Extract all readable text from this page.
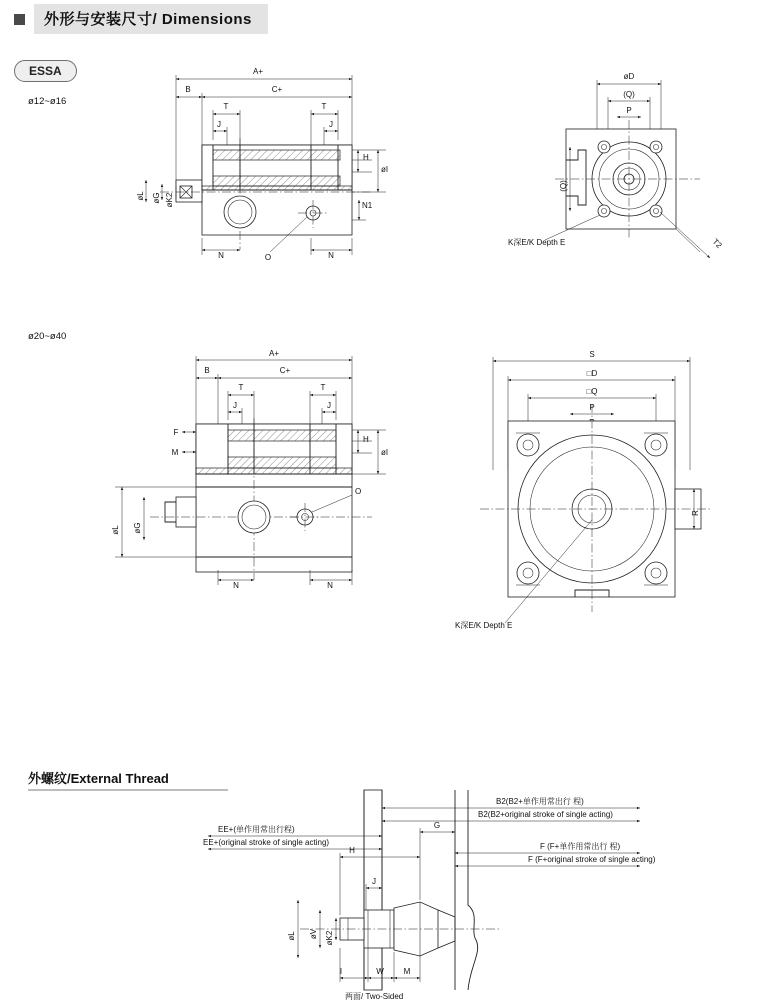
外形与安装尺寸/ Dimensions
ESSA
ø12~ø16
ø20~ø40
外螺纹/External Thread
A+
B	C+
T	T
J	J
H
øI
øL øG øK2
N	N
N1
O
øD
(Q)
P
(Q)
K深E/K Depth E	T2
A+
B	C+
T	T
J	J
F
M
H
øI
øL øG
O
N	N
S
□D
□Q
P
R
K深E/K Depth E
B2(B2+单作用常出行 程)
B2(B2+original stroke of single acting)
EE+(单作用常出行程)
EE+(original stroke of single acting)	F (F+单作用常出行 程)
F (F+original stroke of single acting)
G
H
J
øL øV øK2
I	W M
两面/ Two-Sided
